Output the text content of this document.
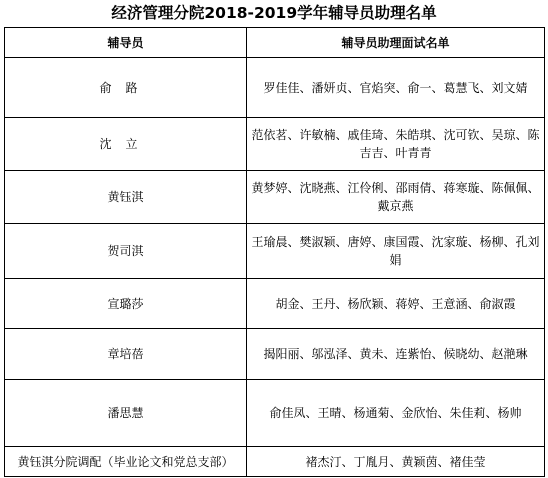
经济管理分院2018-2019学年辅导员助理名单
辅导员	辅导员助理面试名单
俞路	罗佳佳、潘妍贞、官焰突、俞一、葛慧飞、刘文婧
沈立	范依茗、许敏楠、戚佳琦、朱皓琪、沈可钦、吴琼、陈吉吉、叶青青
黄钰淇	黄梦婷、沈晓燕、江伶俐、邵雨倩、蒋寒璇、陈佩佩、戴京燕
贺司淇	王瑜晨、樊淑颖、唐婷、康国霞、沈家璇、杨柳、孔刘娟
宣璐莎	胡金、王丹、杨欣颖、蒋婷、王意涵、俞淑霞
章培蓓	揭阳丽、邬泓泽、黄未、连紫怡、候晓幼、赵滟琳
潘思慧	俞佳凤、王晴、杨通菊、金欣怡、朱佳莉、杨帅
黄钰淇分院调配（毕业论文和党总支部）	褚杰汀、丁胤月、黄颖茵、褚佳莹
